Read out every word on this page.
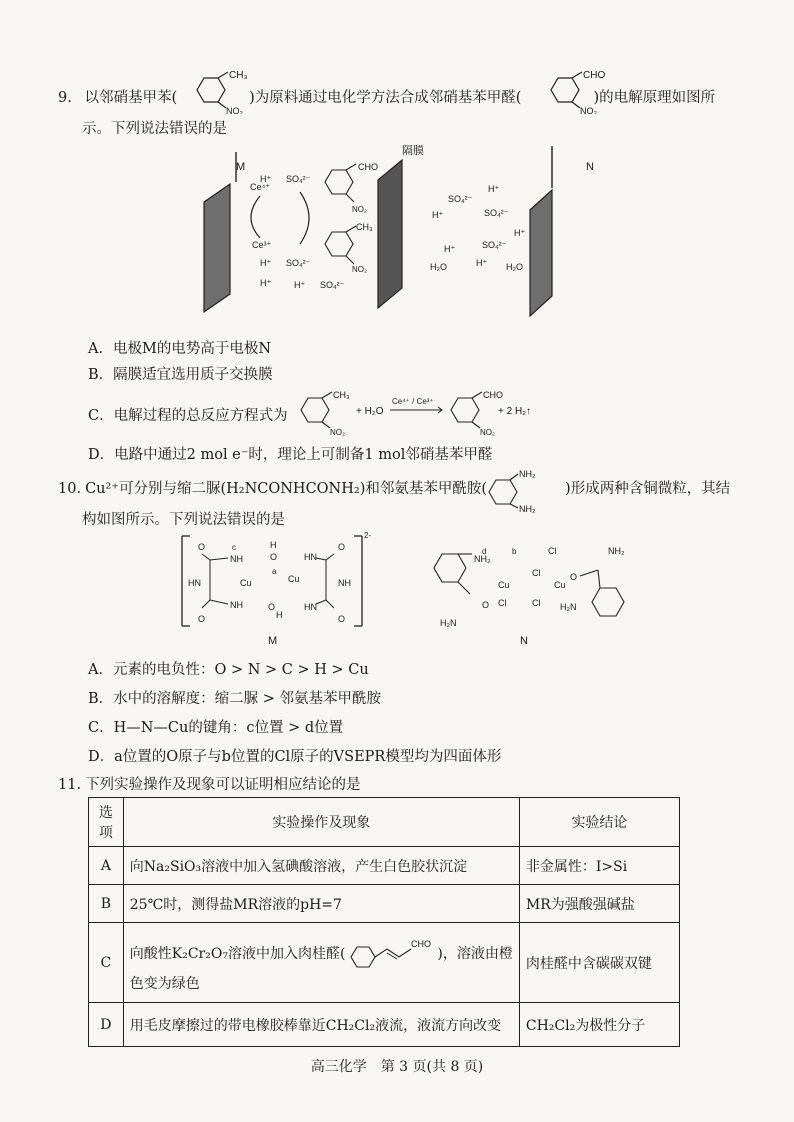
9. 以邻硝基甲苯(	)为原料通过电化学方法合成邻硝基苯甲醛(	)的电解原理如图所
示。下列说法错误的是
CH₃
NO₂
CHO
NO₂
M
隔膜
N
Ce⁴⁺
Ce³⁺
H⁺ SO₄²⁻
H⁺ SO₄²⁻
H⁺	H⁺ SO₄²⁻
CHO
NO₂
CH₃
NO₂
SO₄²⁻
H⁺
H⁺	SO₄²⁻
H⁺
H⁺	SO₄²⁻
H₂O	H⁺ H₂O
A．电极M的电势高于电极N
B．隔膜适宜选用质子交换膜
C．电解过程的总反应方程式为
CH₃
NO₂
+ H₂O
Ce⁴⁺ / Ce³⁺
CHO
NO₂
+ 2 H₂↑
D．电路中通过2 mol e⁻时，理论上可制备1 mol邻硝基苯甲醛
10. Cu²⁺可分别与缩二脲(H₂NCONHCONH₂)和邻氨基苯甲酰胺(	)形成两种含铜微粒，其结
构如图所示。下列说法错误的是
NH₂
NH₂
2-
O
HN
O
NH
NH
c
Cu
H
O
a
O
H
Cu
HN
HN
O
NH
O
M
d
NH₂
O
H₂N
Cu
b
Cl
Cl	Cl
Cl
Cu
O
H₂N
NH₂
N
A．元素的电负性：O > N > C > H > Cu
B．水中的溶解度：缩二脲 > 邻氨基苯甲酰胺
C．H—N—Cu的键角：c位置 > d位置
D．a位置的O原子与b位置的Cl原子的VSEPR模型均为四面体形
11. 下列实验操作及现象可以证明相应结论的是
选项	实验操作及现象	实验结论
A	向Na₂SiO₃溶液中加入氢碘酸溶液，产生白色胶状沉淀	非金属性：I>Si
B	25℃时，测得盐MR溶液的pH=7	MR为强酸强碱盐
C	向酸性K₂Cr₂O₇溶液中加入肉桂醛(
CHO
)，溶液由橙
色变为绿色	肉桂醛中含碳碳双键
D	用毛皮摩擦过的带电橡胶棒靠近CH₂Cl₂液流，液流方向改变	CH₂Cl₂为极性分子
高三化学　第 3 页(共 8 页)
